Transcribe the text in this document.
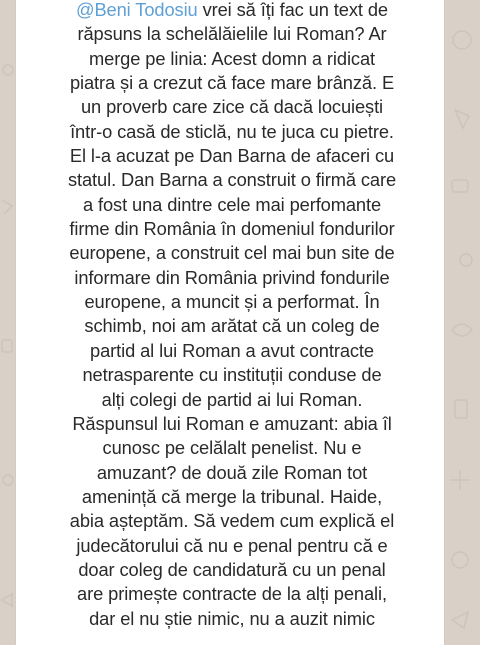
@Beni Todosiu vrei să îți fac un text de
răpsuns la schelălăielile lui Roman? Ar
merge pe linia: Acest domn a ridicat
piatra și a crezut că face mare brânză. E
un proverb care zice că dacă locuiești
într-o casă de sticlă, nu te juca cu pietre.
El l-a acuzat pe Dan Barna de afaceri cu
statul. Dan Barna a construit o firmă care
a fost una dintre cele mai perfomante
firme din România în domeniul fondurilor
europene, a construit cel mai bun site de
informare din România privind fondurile
europene, a muncit și a performat. În
schimb, noi am arătat că un coleg de
partid al lui Roman a avut contracte
netrasparente cu instituții conduse de
alți colegi de partid ai lui Roman.
Răspunsul lui Roman e amuzant: abia îl
cunosc pe celălalt penelist. Nu e
amuzant? de două zile Roman tot
amenință că merge la tribunal. Haide,
abia așteptăm. Să vedem cum explică el
judecătorului că nu e penal pentru că e
doar coleg de candidatură cu un penal
are primește contracte de la alți penali,
dar el nu știe nimic, nu a auzit nimic
